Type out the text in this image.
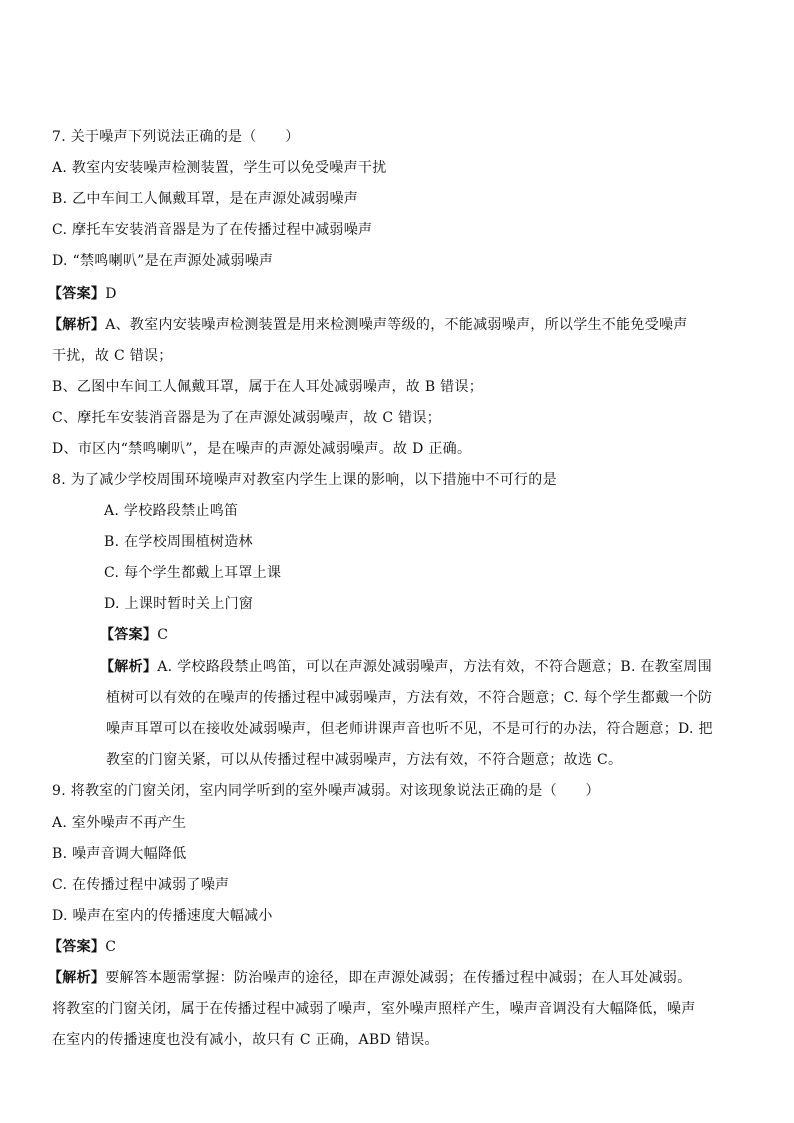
7. 关于噪声下列说法正确的是（　　）
A. 教室内安装噪声检测装置，学生可以免受噪声干扰
B. 乙中车间工人佩戴耳罩，是在声源处减弱噪声
C. 摩托车安装消音器是为了在传播过程中减弱噪声
D. “禁鸣喇叭”是在声源处减弱噪声
【答案】D
【解析】A、教室内安装噪声检测装置是用来检测噪声等级的，不能减弱噪声，所以学生不能免受噪声
干扰，故 C 错误；
B、乙图中车间工人佩戴耳罩，属于在人耳处减弱噪声，故 B 错误；
C、摩托车安装消音器是为了在声源处减弱噪声，故 C 错误；
D、市区内“禁鸣喇叭”，是在噪声的声源处减弱噪声。故 D 正确。
8. 为了减少学校周围环境噪声对教室内学生上课的影响，以下措施中不可行的是
A. 学校路段禁止鸣笛
B. 在学校周围植树造林
C. 每个学生都戴上耳罩上课
D. 上课时暂时关上门窗
【答案】C
【解析】A. 学校路段禁止鸣笛，可以在声源处减弱噪声，方法有效，不符合题意；B. 在教室周围
植树可以有效的在噪声的传播过程中减弱噪声，方法有效，不符合题意；C. 每个学生都戴一个防
噪声耳罩可以在接收处减弱噪声，但老师讲课声音也听不见，不是可行的办法，符合题意；D. 把
教室的门窗关紧，可以从传播过程中减弱噪声，方法有效，不符合题意；故选 C。
9. 将教室的门窗关闭，室内同学听到的室外噪声减弱。对该现象说法正确的是（　　）
A. 室外噪声不再产生
B. 噪声音调大幅降低
C. 在传播过程中减弱了噪声
D. 噪声在室内的传播速度大幅减小
【答案】C
【解析】要解答本题需掌握：防治噪声的途径，即在声源处减弱；在传播过程中减弱；在人耳处减弱。
将教室的门窗关闭，属于在传播过程中减弱了噪声，室外噪声照样产生，噪声音调没有大幅降低，噪声
在室内的传播速度也没有减小，故只有 C 正确，ABD 错误。
